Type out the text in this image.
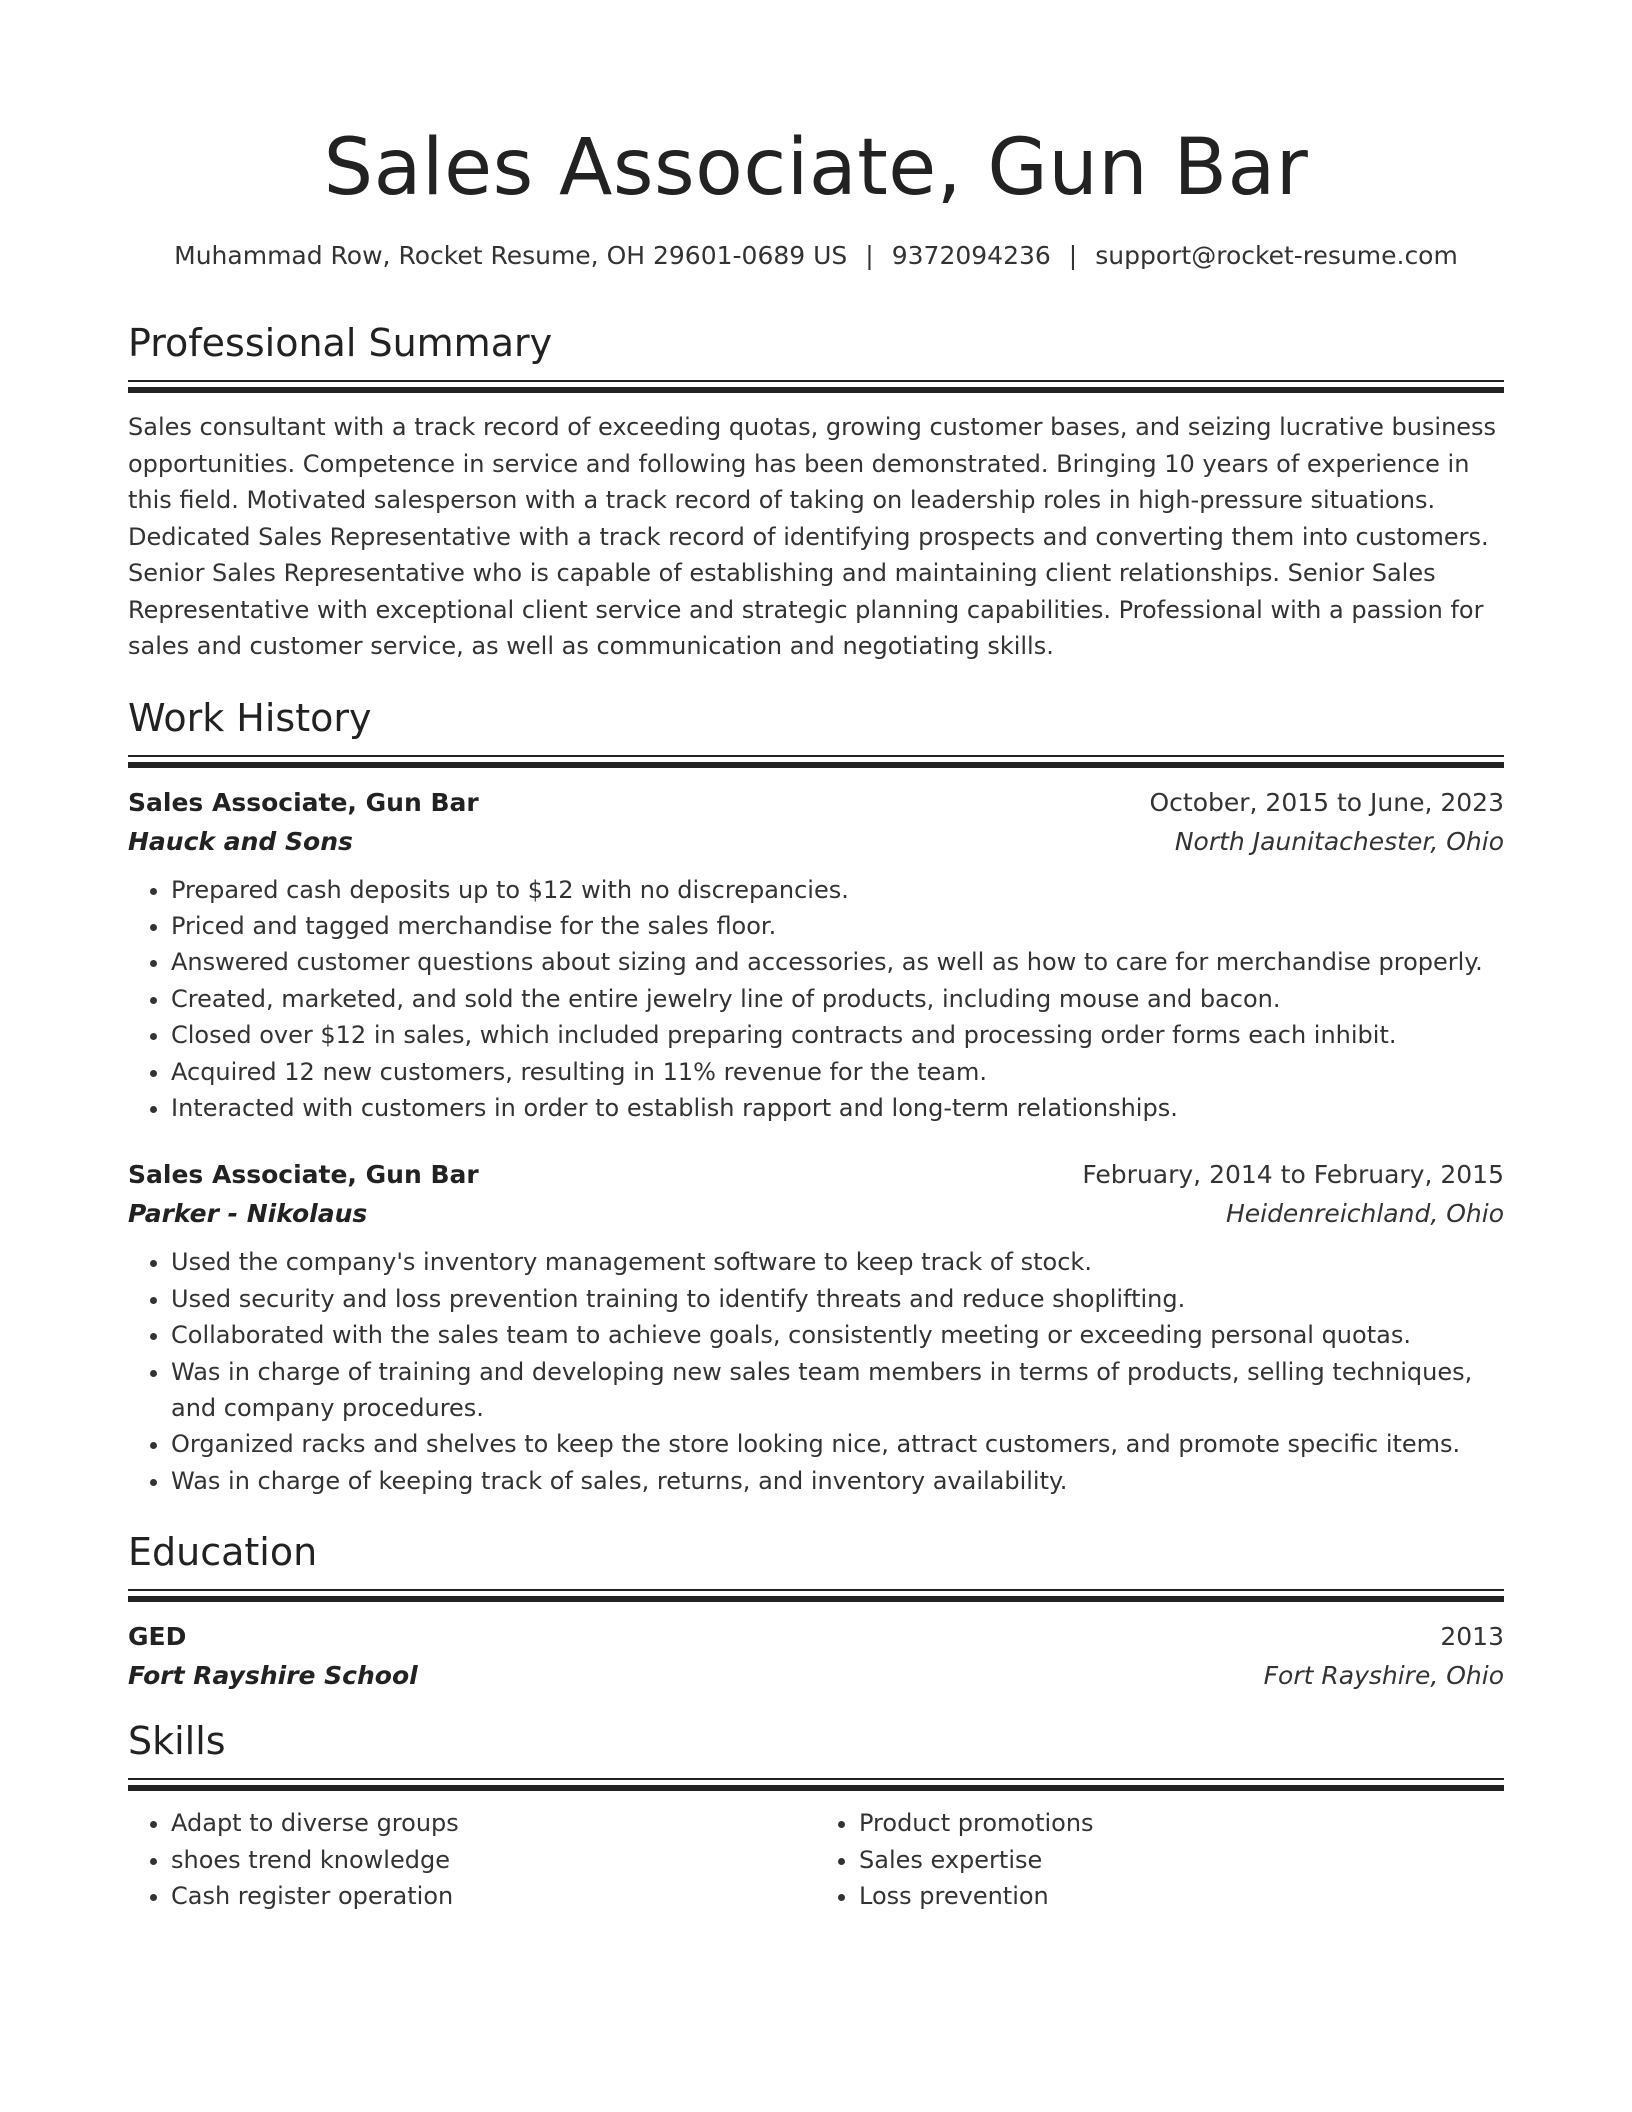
Sales Associate, Gun Bar
Muhammad Row, Rocket Resume, OH 29601-0689 US | 9372094236 | support@rocket-resume.com
Professional Summary

Sales consultant with a track record of exceeding quotas, growing customer bases, and seizing lucrative business opportunities. Competence in service and following has been demonstrated. Bringing 10 years of experience in this field. Motivated salesperson with a track record of taking on leadership roles in high-pressure situations. Dedicated Sales Representative with a track record of identifying prospects and converting them into customers. Senior Sales Representative who is capable of establishing and maintaining client relationships. Senior Sales Representative with exceptional client service and strategic planning capabilities. Professional with a passion for sales and customer service, as well as communication and negotiating skills.

Work History
Sales Associate, Gun Bar	October, 2015 to June, 2023
Hauck and Sons	North Jaunitachester, Ohio
• Prepared cash deposits up to $12 with no discrepancies.
• Priced and tagged merchandise for the sales floor.
• Answered customer questions about sizing and accessories, as well as how to care for merchandise properly.
• Created, marketed, and sold the entire jewelry line of products, including mouse and bacon.
• Closed over $12 in sales, which included preparing contracts and processing order forms each inhibit.
• Acquired 12 new customers, resulting in 11% revenue for the team.
• Interacted with customers in order to establish rapport and long-term relationships.
Sales Associate, Gun Bar	February, 2014 to February, 2015
Parker - Nikolaus	Heidenreichland, Ohio
• Used the company's inventory management software to keep track of stock.
• Used security and loss prevention training to identify threats and reduce shoplifting.
• Collaborated with the sales team to achieve goals, consistently meeting or exceeding personal quotas.
• Was in charge of training and developing new sales team members in terms of products, selling techniques, and company procedures.
• Organized racks and shelves to keep the store looking nice, attract customers, and promote specific items.
• Was in charge of keeping track of sales, returns, and inventory availability.
Education
GED	2013
Fort Rayshire School	Fort Rayshire, Ohio
Skills
• Adapt to diverse groups
• shoes trend knowledge
• Cash register operation
• Product promotions
• Sales expertise
• Loss prevention
